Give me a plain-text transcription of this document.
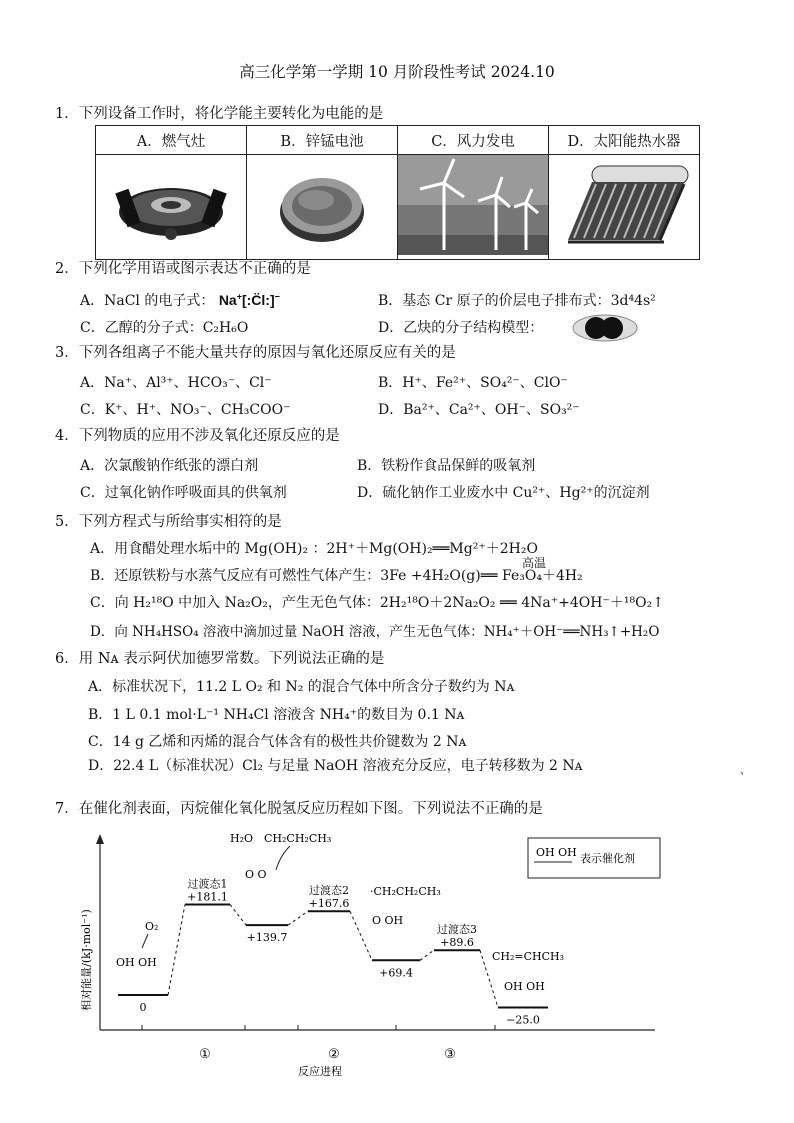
高三化学第一学期 10 月阶段性考试 2024.10
1．下列设备工作时，将化学能主要转化为电能的是
A．燃气灶	B．锌锰电池	C．风力发电	D．太阳能热水器

2．下列化学用语或图示表达不正确的是
A．NaCl 的电子式： Na+[:C̈l:]−	B．基态 Cr 原子的价层电子排布式：3d⁴4s²
C．乙醇的分子式：C₂H₆O	D．乙炔的分子结构模型：
3．下列各组离子不能大量共存的原因与氧化还原反应有关的是
A．Na⁺、Al³⁺、HCO₃⁻、Cl⁻	B．H⁺、Fe²⁺、SO₄²⁻、ClO⁻
C．K⁺、H⁺、NO₃⁻、CH₃COO⁻	D．Ba²⁺、Ca²⁺、OH⁻、SO₃²⁻
4．下列物质的应用不涉及氧化还原反应的是
A．次氯酸钠作纸张的漂白剂	B．铁粉作食品保鲜的吸氧剂
C．过氧化钠作呼吸面具的供氧剂	D．硫化钠作工业废水中 Cu²⁺、Hg²⁺的沉淀剂
5．下列方程式与所给事实相符的是
A．用食醋处理水垢中的 Mg(OH)₂ ：2H⁺＋Mg(OH)₂══Mg²⁺＋2H₂O
高温
B．还原铁粉与水蒸气反应有可燃性气体产生：3Fe +4H₂O(g)══ Fe₃O₄＋4H₂
C．向 H₂¹⁸O 中加入 Na₂O₂，产生无色气体：2H₂¹⁸O＋2Na₂O₂ ══ 4Na⁺+4OH⁻＋¹⁸O₂↑
D．向 NH₄HSO₄ 溶液中滴加过量 NaOH 溶液，产生无色气体：NH₄⁺＋OH⁻══NH₃↑+H₂O
6．用 Nᴀ 表示阿伏加德罗常数。下列说法正确的是
A．标准状况下，11.2 L O₂ 和 N₂ 的混合气体中所含分子数约为 Nᴀ
B．1 L 0.1 mol·L⁻¹ NH₄Cl 溶液含 NH₄⁺的数目为 0.1 Nᴀ
C．14 g 乙烯和丙烯的混合气体含有的极性共价键数为 2 Nᴀ
D．22.4 L（标准状况）Cl₂ 与足量 NaOH 溶液充分反应，电子转移数为 2 Nᴀ
7．在催化剂表面，丙烷催化氧化脱氢反应历程如下图。下列说法不正确的是
相对能量/(kJ·mol⁻¹)
反应进程
①	②	③
0
+181.1
过渡态1
+139.7
+167.6
过渡态2
+69.4
+89.6
过渡态3
−25.0
O₂
H₂O CH₂CH₂CH₃
·CH₂CH₂CH₃
CH₂=CHCH₃
OH OH
O O
O OH
OH OH
OH OH 表示催化剂
、
